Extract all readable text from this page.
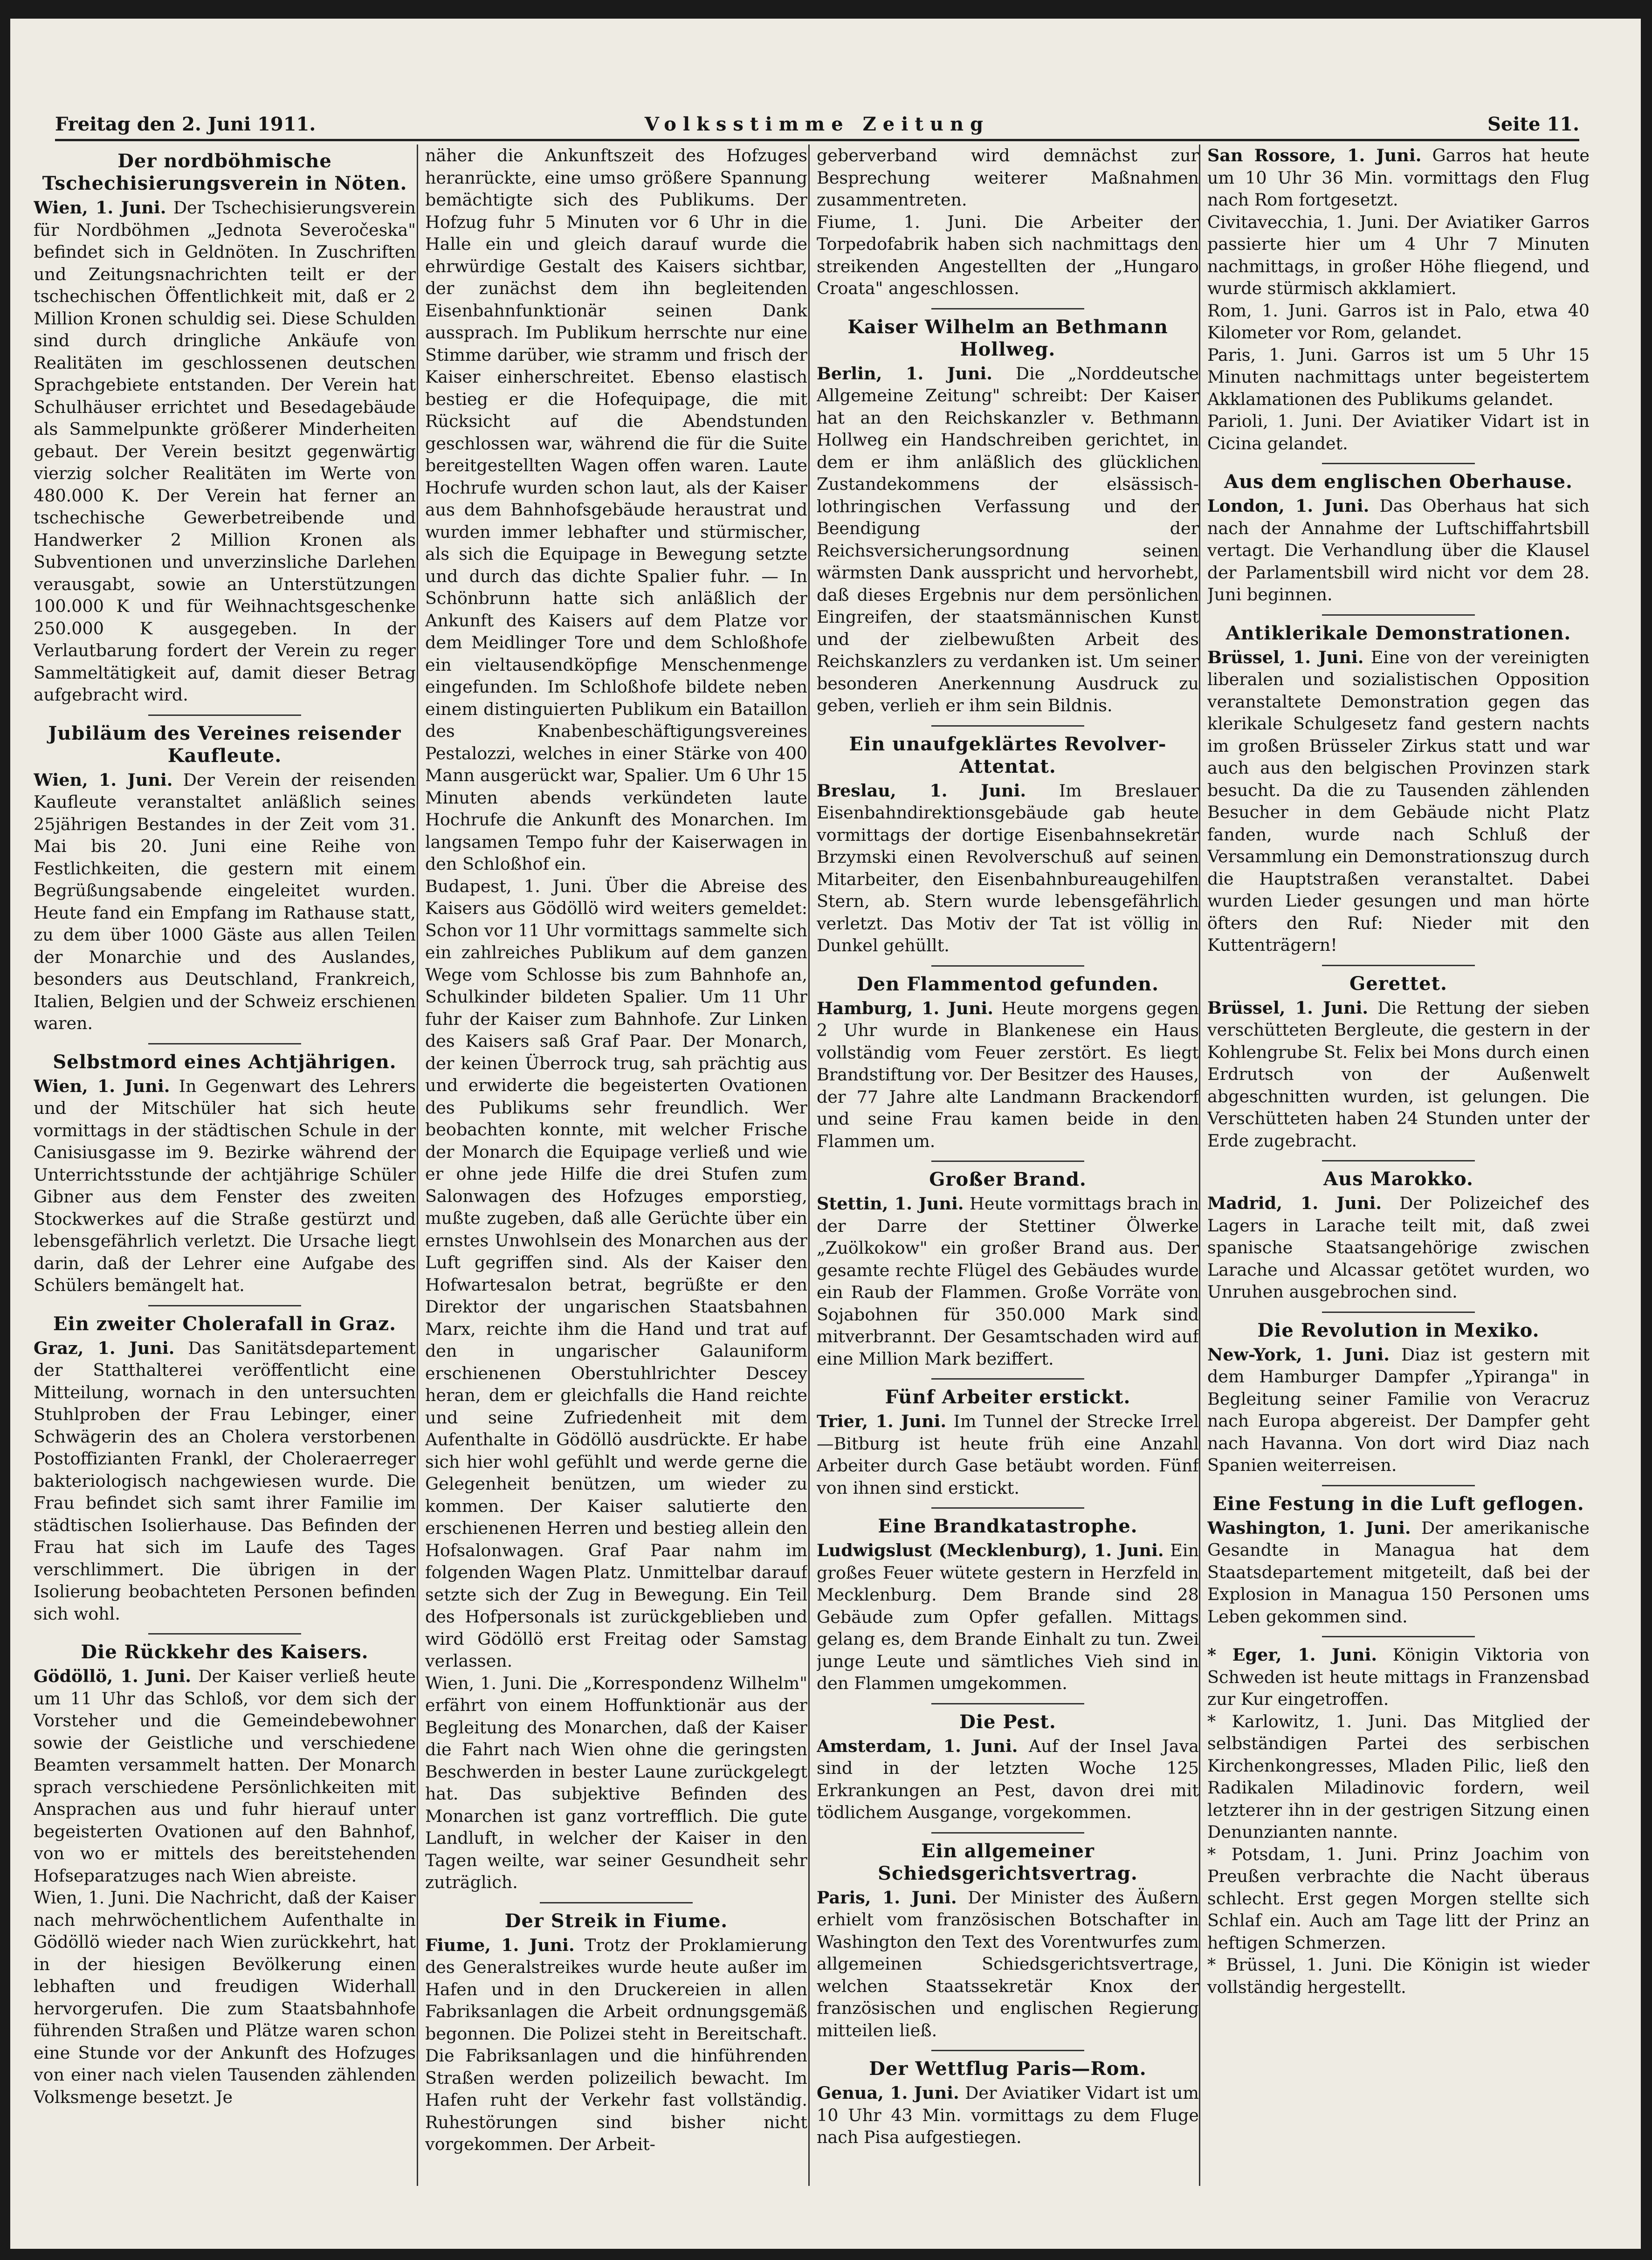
Freitag den 2. Juni 1911.	Volksstimme Zeitung	Seite 11.
Der nordböhmische Tschechisierungsverein in Nöten.

Wien, 1. Juni. Der Tschechisierungsverein für Nordböhmen „Jednota Severočeska" befindet sich in Geldnöten. In Zuschriften und Zeitungsnachrichten teilt er der tschechischen Öffentlichkeit mit, daß er 2 Million Kronen schuldig sei. Diese Schulden sind durch dringliche Ankäufe von Realitäten im geschlossenen deutschen Sprachgebiete entstanden. Der Verein hat Schulhäuser errichtet und Besedagebäude als Sammelpunkte größerer Minderheiten gebaut. Der Verein besitzt gegenwärtig vierzig solcher Realitäten im Werte von 480.000 K. Der Verein hat ferner an tschechische Gewerbetreibende und Handwerker 2 Million Kronen als Subventionen und unverzinsliche Darlehen verausgabt, sowie an Unterstützungen 100.000 K und für Weihnachtsgeschenke 250.000 K ausgegeben. In der Verlautbarung fordert der Verein zu reger Sammeltätigkeit auf, damit dieser Betrag aufgebracht wird.

Jubiläum des Vereines reisender Kaufleute.

Wien, 1. Juni. Der Verein der reisenden Kaufleute veranstaltet anläßlich seines 25jährigen Bestandes in der Zeit vom 31. Mai bis 20. Juni eine Reihe von Festlichkeiten, die gestern mit einem Begrüßungsabende eingeleitet wurden. Heute fand ein Empfang im Rathause statt, zu dem über 1000 Gäste aus allen Teilen der Monarchie und des Auslandes, besonders aus Deutschland, Frankreich, Italien, Belgien und der Schweiz erschienen waren.

Selbstmord eines Achtjährigen.

Wien, 1. Juni. In Gegenwart des Lehrers und der Mitschüler hat sich heute vormittags in der städtischen Schule in der Canisiusgasse im 9. Bezirke während der Unterrichtsstunde der achtjährige Schüler Gibner aus dem Fenster des zweiten Stockwerkes auf die Straße gestürzt und lebensgefährlich verletzt. Die Ursache liegt darin, daß der Lehrer eine Aufgabe des Schülers bemängelt hat.

Ein zweiter Cholerafall in Graz.

Graz, 1. Juni. Das Sanitätsdepartement der Statthalterei veröffentlicht eine Mitteilung, wornach in den untersuchten Stuhlproben der Frau Lebinger, einer Schwägerin des an Cholera verstorbenen Postoffizianten Frankl, der Choleraerreger bakteriologisch nachgewiesen wurde. Die Frau befindet sich samt ihrer Familie im städtischen Isolierhause. Das Befinden der Frau hat sich im Laufe des Tages verschlimmert. Die übrigen in der Isolierung beobachteten Personen befinden sich wohl.

Die Rückkehr des Kaisers.

Gödöllö, 1. Juni. Der Kaiser verließ heute um 11 Uhr das Schloß, vor dem sich der Vorsteher und die Gemeindebewohner sowie der Geistliche und verschiedene Beamten versammelt hatten. Der Monarch sprach verschiedene Persönlichkeiten mit Ansprachen aus und fuhr hierauf unter begeisterten Ovationen auf den Bahnhof, von wo er mittels des bereitstehenden Hofseparatzuges nach Wien abreiste.

Wien, 1. Juni. Die Nachricht, daß der Kaiser nach mehrwöchentlichem Aufenthalte in Gödöllö wieder nach Wien zurückkehrt, hat in der hiesigen Bevölkerung einen lebhaften und freudigen Widerhall hervorgerufen. Die zum Staatsbahnhofe führenden Straßen und Plätze waren schon eine Stunde vor der Ankunft des Hofzuges von einer nach vielen Tausenden zählenden Volksmenge besetzt. Je

näher die Ankunftszeit des Hofzuges heranrückte, eine umso größere Spannung bemächtigte sich des Publikums. Der Hofzug fuhr 5 Minuten vor 6 Uhr in die Halle ein und gleich darauf wurde die ehrwürdige Gestalt des Kaisers sichtbar, der zunächst dem ihn begleitenden Eisenbahnfunktionär seinen Dank aussprach. Im Publikum herrschte nur eine Stimme darüber, wie stramm und frisch der Kaiser einherschreitet. Ebenso elastisch bestieg er die Hofequipage, die mit Rücksicht auf die Abendstunden geschlossen war, während die für die Suite bereitgestellten Wagen offen waren. Laute Hochrufe wurden schon laut, als der Kaiser aus dem Bahnhofsgebäude heraustrat und wurden immer lebhafter und stürmischer, als sich die Equipage in Bewegung setzte und durch das dichte Spalier fuhr. — In Schönbrunn hatte sich anläßlich der Ankunft des Kaisers auf dem Platze vor dem Meidlinger Tore und dem Schloßhofe ein vieltausendköpfige Menschenmenge eingefunden. Im Schloßhofe bildete neben einem distinguierten Publikum ein Bataillon des Knabenbeschäftigungsvereines Pestalozzi, welches in einer Stärke von 400 Mann ausgerückt war, Spalier. Um 6 Uhr 15 Minuten abends verkündeten laute Hochrufe die Ankunft des Monarchen. Im langsamen Tempo fuhr der Kaiserwagen in den Schloßhof ein.

Budapest, 1. Juni. Über die Abreise des Kaisers aus Gödöllö wird weiters gemeldet: Schon vor 11 Uhr vormittags sammelte sich ein zahlreiches Publikum auf dem ganzen Wege vom Schlosse bis zum Bahnhofe an, Schulkinder bildeten Spalier. Um 11 Uhr fuhr der Kaiser zum Bahnhofe. Zur Linken des Kaisers saß Graf Paar. Der Monarch, der keinen Überrock trug, sah prächtig aus und erwiderte die begeisterten Ovationen des Publikums sehr freundlich. Wer beobachten konnte, mit welcher Frische der Monarch die Equipage verließ und wie er ohne jede Hilfe die drei Stufen zum Salonwagen des Hofzuges emporstieg, mußte zugeben, daß alle Gerüchte über ein ernstes Unwohlsein des Monarchen aus der Luft gegriffen sind. Als der Kaiser den Hofwartesalon betrat, begrüßte er den Direktor der ungarischen Staatsbahnen Marx, reichte ihm die Hand und trat auf den in ungarischer Galauniform erschienenen Oberstuhlrichter Descey heran, dem er gleichfalls die Hand reichte und seine Zufriedenheit mit dem Aufenthalte in Gödöllö ausdrückte. Er habe sich hier wohl gefühlt und werde gerne die Gelegenheit benützen, um wieder zu kommen. Der Kaiser salutierte den erschienenen Herren und bestieg allein den Hofsalonwagen. Graf Paar nahm im folgenden Wagen Platz. Unmittelbar darauf setzte sich der Zug in Bewegung. Ein Teil des Hofpersonals ist zurückgeblieben und wird Gödöllö erst Freitag oder Samstag verlassen.

Wien, 1. Juni. Die „Korrespondenz Wilhelm" erfährt von einem Hoffunktionär aus der Begleitung des Monarchen, daß der Kaiser die Fahrt nach Wien ohne die geringsten Beschwerden in bester Laune zurückgelegt hat. Das subjektive Befinden des Monarchen ist ganz vortrefflich. Die gute Landluft, in welcher der Kaiser in den Tagen weilte, war seiner Gesundheit sehr zuträglich.

Der Streik in Fiume.

Fiume, 1. Juni. Trotz der Proklamierung des Generalstreikes wurde heute außer im Hafen und in den Druckereien in allen Fabriksanlagen die Arbeit ordnungsgemäß begonnen. Die Polizei steht in Bereitschaft. Die Fabriksanlagen und die hinführenden Straßen werden polizeilich bewacht. Im Hafen ruht der Verkehr fast vollständig. Ruhestörungen sind bisher nicht vorgekommen. Der Arbeit-

geberverband wird demnächst zur Besprechung weiterer Maßnahmen zusammentreten.

Fiume, 1. Juni. Die Arbeiter der Torpedofabrik haben sich nachmittags den streikenden Angestellten der „Hungaro Croata" angeschlossen.

Kaiser Wilhelm an Bethmann Hollweg.

Berlin, 1. Juni. Die „Norddeutsche Allgemeine Zeitung" schreibt: Der Kaiser hat an den Reichskanzler v. Bethmann Hollweg ein Handschreiben gerichtet, in dem er ihm anläßlich des glücklichen Zustandekommens der elsässisch-lothringischen Verfassung und der Beendigung der Reichsversicherungsordnung seinen wärmsten Dank ausspricht und hervorhebt, daß dieses Ergebnis nur dem persönlichen Eingreifen, der staatsmännischen Kunst und der zielbewußten Arbeit des Reichskanzlers zu verdanken ist. Um seiner besonderen Anerkennung Ausdruck zu geben, verlieh er ihm sein Bildnis.

Ein unaufgeklärtes Revolver-Attentat.

Breslau, 1. Juni. Im Breslauer Eisenbahndirektionsgebäude gab heute vormittags der dortige Eisenbahnsekretär Brzymski einen Revolverschuß auf seinen Mitarbeiter, den Eisenbahnbureaugehilfen Stern, ab. Stern wurde lebensgefährlich verletzt. Das Motiv der Tat ist völlig in Dunkel gehüllt.

Den Flammentod gefunden.

Hamburg, 1. Juni. Heute morgens gegen 2 Uhr wurde in Blankenese ein Haus vollständig vom Feuer zerstört. Es liegt Brandstiftung vor. Der Besitzer des Hauses, der 77 Jahre alte Landmann Brackendorf und seine Frau kamen beide in den Flammen um.

Großer Brand.

Stettin, 1. Juni. Heute vormittags brach in der Darre der Stettiner Ölwerke „Zuölkokow" ein großer Brand aus. Der gesamte rechte Flügel des Gebäudes wurde ein Raub der Flammen. Große Vorräte von Sojabohnen für 350.000 Mark sind mitverbrannt. Der Gesamtschaden wird auf eine Million Mark beziffert.

Fünf Arbeiter erstickt.

Trier, 1. Juni. Im Tunnel der Strecke Irrel—Bitburg ist heute früh eine Anzahl Arbeiter durch Gase betäubt worden. Fünf von ihnen sind erstickt.

Eine Brandkatastrophe.

Ludwigslust (Mecklenburg), 1. Juni. Ein großes Feuer wütete gestern in Herzfeld in Mecklenburg. Dem Brande sind 28 Gebäude zum Opfer gefallen. Mittags gelang es, dem Brande Einhalt zu tun. Zwei junge Leute und sämtliches Vieh sind in den Flammen umgekommen.

Die Pest.

Amsterdam, 1. Juni. Auf der Insel Java sind in der letzten Woche 125 Erkrankungen an Pest, davon drei mit tödlichem Ausgange, vorgekommen.

Ein allgemeiner Schiedsgerichtsvertrag.

Paris, 1. Juni. Der Minister des Äußern erhielt vom französischen Botschafter in Washington den Text des Vorentwurfes zum allgemeinen Schiedsgerichtsvertrage, welchen Staatssekretär Knox der französischen und englischen Regierung mitteilen ließ.

Der Wettflug Paris—Rom.

Genua, 1. Juni. Der Aviatiker Vidart ist um 10 Uhr 43 Min. vormittags zu dem Fluge nach Pisa aufgestiegen.

San Rossore, 1. Juni. Garros hat heute um 10 Uhr 36 Min. vormittags den Flug nach Rom fortgesetzt.

Civitavecchia, 1. Juni. Der Aviatiker Garros passierte hier um 4 Uhr 7 Minuten nachmittags, in großer Höhe fliegend, und wurde stürmisch akklamiert.

Rom, 1. Juni. Garros ist in Palo, etwa 40 Kilometer vor Rom, gelandet.

Paris, 1. Juni. Garros ist um 5 Uhr 15 Minuten nachmittags unter begeistertem Akklamationen des Publikums gelandet.

Parioli, 1. Juni. Der Aviatiker Vidart ist in Cicina gelandet.

Aus dem englischen Oberhause.

London, 1. Juni. Das Oberhaus hat sich nach der Annahme der Luftschiffahrtsbill vertagt. Die Verhandlung über die Klausel der Parlamentsbill wird nicht vor dem 28. Juni beginnen.

Antiklerikale Demonstrationen.

Brüssel, 1. Juni. Eine von der vereinigten liberalen und sozialistischen Opposition veranstaltete Demonstration gegen das klerikale Schulgesetz fand gestern nachts im großen Brüsseler Zirkus statt und war auch aus den belgischen Provinzen stark besucht. Da die zu Tausenden zählenden Besucher in dem Gebäude nicht Platz fanden, wurde nach Schluß der Versammlung ein Demonstrationszug durch die Hauptstraßen veranstaltet. Dabei wurden Lieder gesungen und man hörte öfters den Ruf: Nieder mit den Kuttenträgern!

Gerettet.

Brüssel, 1. Juni. Die Rettung der sieben verschütteten Bergleute, die gestern in der Kohlengrube St. Felix bei Mons durch einen Erdrutsch von der Außenwelt abgeschnitten wurden, ist gelungen. Die Verschütteten haben 24 Stunden unter der Erde zugebracht.

Aus Marokko.

Madrid, 1. Juni. Der Polizeichef des Lagers in Larache teilt mit, daß zwei spanische Staatsangehörige zwischen Larache und Alcassar getötet wurden, wo Unruhen ausgebrochen sind.

Die Revolution in Mexiko.

New-York, 1. Juni. Diaz ist gestern mit dem Hamburger Dampfer „Ypiranga" in Begleitung seiner Familie von Veracruz nach Europa abgereist. Der Dampfer geht nach Havanna. Von dort wird Diaz nach Spanien weiterreisen.

Eine Festung in die Luft geflogen.

Washington, 1. Juni. Der amerikanische Gesandte in Managua hat dem Staatsdepartement mitgeteilt, daß bei der Explosion in Managua 150 Personen ums Leben gekommen sind.

* Eger, 1. Juni. Königin Viktoria von Schweden ist heute mittags in Franzensbad zur Kur eingetroffen.

* Karlowitz, 1. Juni. Das Mitglied der selbständigen Partei des serbischen Kirchenkongresses, Mladen Pilic, ließ den Radikalen Miladinovic fordern, weil letzterer ihn in der gestrigen Sitzung einen Denunzianten nannte.

* Potsdam, 1. Juni. Prinz Joachim von Preußen verbrachte die Nacht überaus schlecht. Erst gegen Morgen stellte sich Schlaf ein. Auch am Tage litt der Prinz an heftigen Schmerzen.

* Brüssel, 1. Juni. Die Königin ist wieder vollständig hergestellt.
